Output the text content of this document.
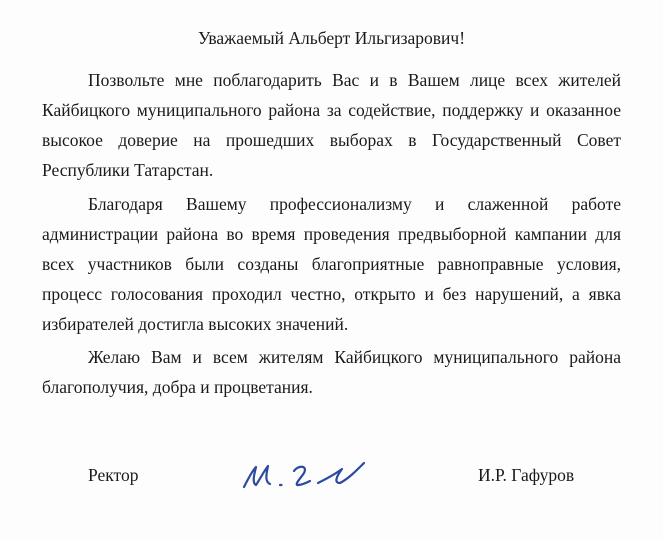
Уважаемый Альберт Ильгизарович!
Позвольте мне поблагодарить Вас и в Вашем лице всех жителей
Кайбицкого муниципального района за содействие, поддержку и оказанное
высокое доверие на прошедших выборах в Государственный Совет
Республики Татарстан.
Благодаря Вашему профессионализму и слаженной работе
администрации района во время проведения предвыборной кампании для
всех участников были созданы благоприятные равноправные условия,
процесс голосования проходил честно, открыто и без нарушений, а явка
избирателей достигла высоких значений.
Желаю Вам и всем жителям Кайбицкого муниципального района
благополучия, добра и процветания.
Ректор	И.Р. Гафуров
